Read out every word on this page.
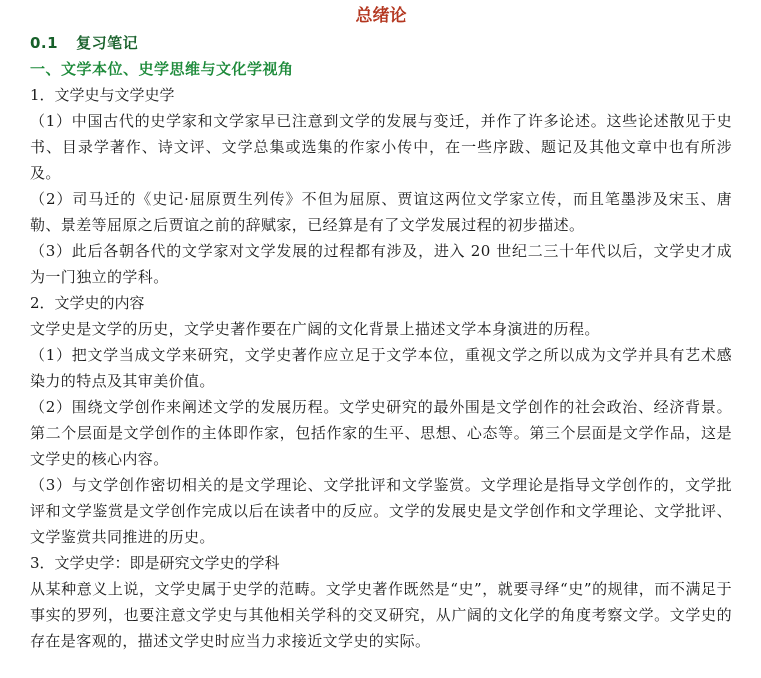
总绪论
0.1 复习笔记
一、文学本位、史学思维与文化学视角
1．文学史与文学史学

（1）中国古代的史学家和文学家早已注意到文学的发展与变迁，并作了许多论述。这些论述散见于史书、目录学著作、诗文评、文学总集或选集的作家小传中，在一些序跋、题记及其他文章中也有所涉及。

（2）司马迁的《史记·屈原贾生列传》不但为屈原、贾谊这两位文学家立传，而且笔墨涉及宋玉、唐勒、景差等屈原之后贾谊之前的辞赋家，已经算是有了文学发展过程的初步描述。

（3）此后各朝各代的文学家对文学发展的过程都有涉及，进入 20 世纪二三十年代以后，文学史才成为一门独立的学科。

2．文学史的内容

文学史是文学的历史，文学史著作要在广阔的文化背景上描述文学本身演进的历程。

（1）把文学当成文学来研究，文学史著作应立足于文学本位，重视文学之所以成为文学并具有艺术感染力的特点及其审美价值。

（2）围绕文学创作来阐述文学的发展历程。文学史研究的最外围是文学创作的社会政治、经济背景。第二个层面是文学创作的主体即作家，包括作家的生平、思想、心态等。第三个层面是文学作品，这是文学史的核心内容。

（3）与文学创作密切相关的是文学理论、文学批评和文学鉴赏。文学理论是指导文学创作的，文学批评和文学鉴赏是文学创作完成以后在读者中的反应。文学的发展史是文学创作和文学理论、文学批评、文学鉴赏共同推进的历史。

3．文学史学：即是研究文学史的学科

从某种意义上说，文学史属于史学的范畴。文学史著作既然是“史”，就要寻绎“史”的规律，而不满足于事实的罗列，也要注意文学史与其他相关学科的交叉研究，从广阔的文化学的角度考察文学。文学史的存在是客观的，描述文学史时应当力求接近文学史的实际。
